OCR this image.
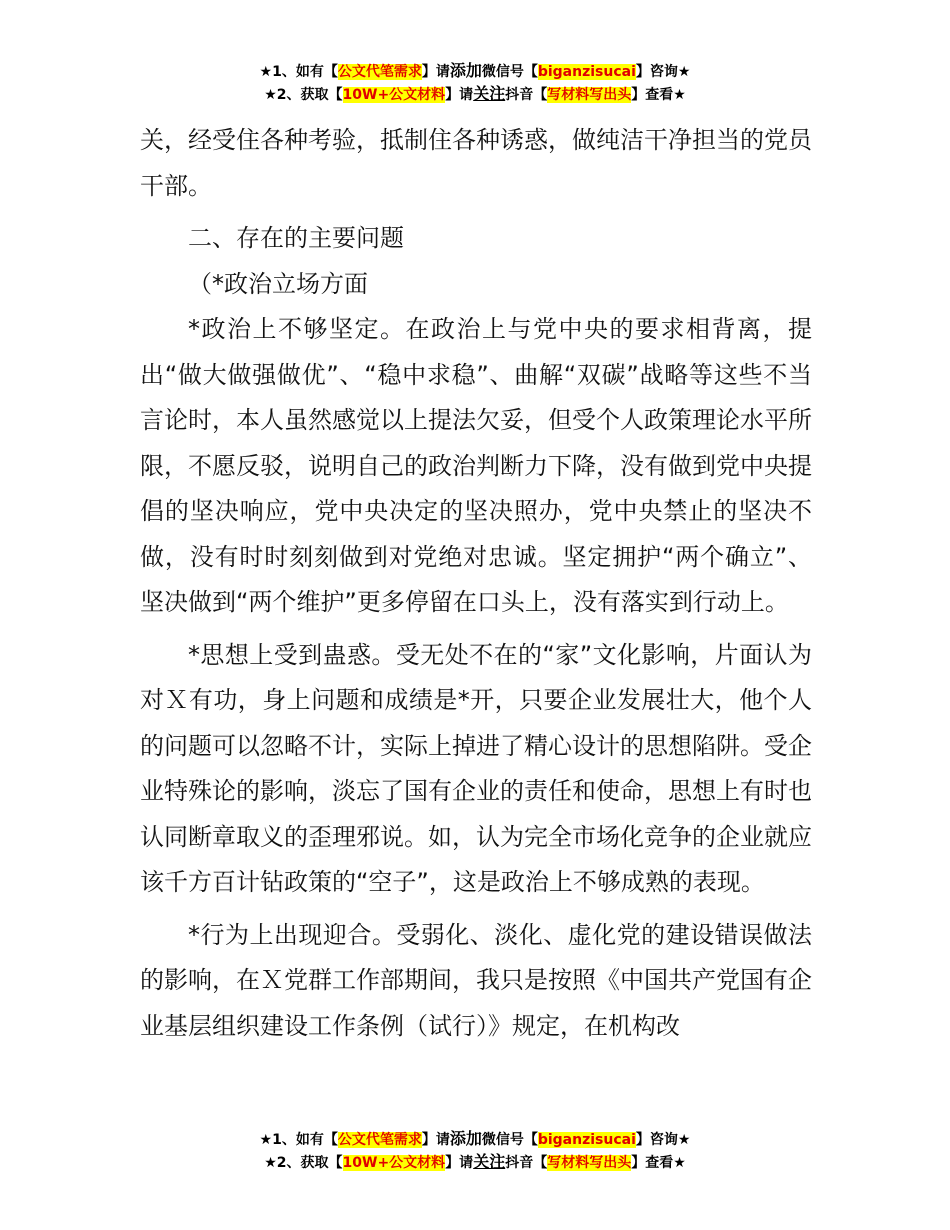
★1、如有【公文代笔需求】请添加微信号【biganzisucai】咨询★
★2、获取【10W+公文材料】请关注抖音【写材料写出头】查看★

关，经受住各种考验，抵制住各种诱惑，做纯洁干净担当的党员干部。

二、存在的主要问题

（*政治立场方面

*政治上不够坚定。在政治上与党中央的要求相背离，提出“做大做强做优”、“稳中求稳”、曲解“双碳”战略等这些不当言论时，本人虽然感觉以上提法欠妥，但受个人政策理论水平所限，不愿反驳，说明自己的政治判断力下降，没有做到党中央提倡的坚决响应，党中央决定的坚决照办，党中央禁止的坚决不做，没有时时刻刻做到对党绝对忠诚。坚定拥护“两个确立”、坚决做到“两个维护”更多停留在口头上，没有落实到行动上。

*思想上受到蛊惑。受无处不在的“家”文化影响，片面认为对Ｘ有功，身上问题和成绩是*开，只要企业发展壮大，他个人的问题可以忽略不计，实际上掉进了精心设计的思想陷阱。受企业特殊论的影响，淡忘了国有企业的责任和使命，思想上有时也认同断章取义的歪理邪说。如，认为完全市场化竞争的企业就应该千方百计钻政策的“空子”，这是政治上不够成熟的表现。

*行为上出现迎合。受弱化、淡化、虚化党的建设错误做法的影响，在Ｘ党群工作部期间，我只是按照《中国共产党国有企业基层组织建设工作条例（试行）》规定，在机构改

★1、如有【公文代笔需求】请添加微信号【biganzisucai】咨询★
★2、获取【10W+公文材料】请关注抖音【写材料写出头】查看★
